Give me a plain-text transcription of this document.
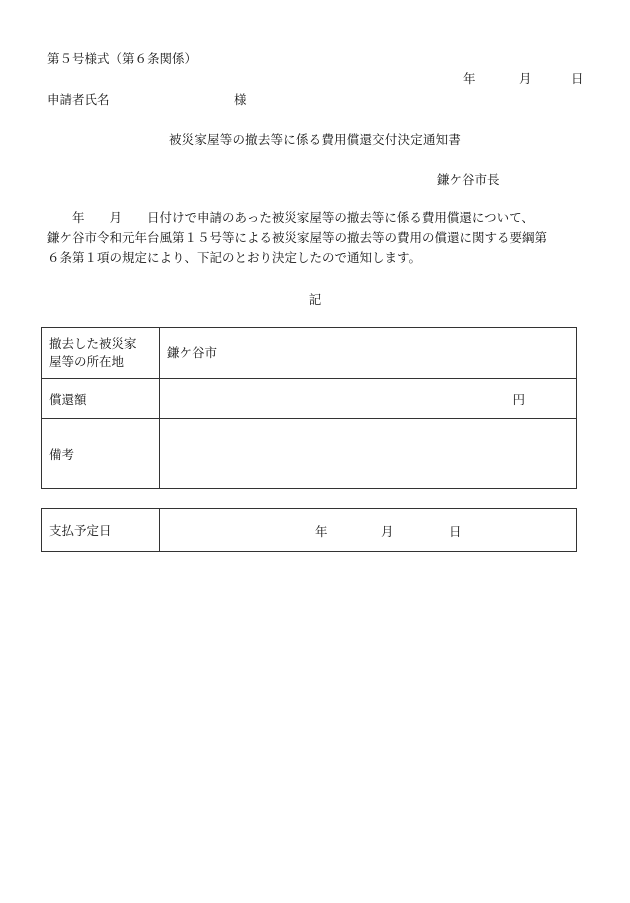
第５号様式（第６条関係）
年	月	日
申請者氏名	様
被災家屋等の撤去等に係る費用償還交付決定通知書
鎌ケ谷市長
　　年　　月　　日付けで申請のあった被災家屋等の撤去等に係る費用償還について、
鎌ケ谷市令和元年台風第１５号等による被災家屋等の撤去等の費用の償還に関する要綱第
６条第１項の規定により、下記のとおり決定したので通知します。
記
撤去した被災家
屋等の所在地	鎌ケ谷市
償還額	円

備考	
支払予定日	年	月	日
